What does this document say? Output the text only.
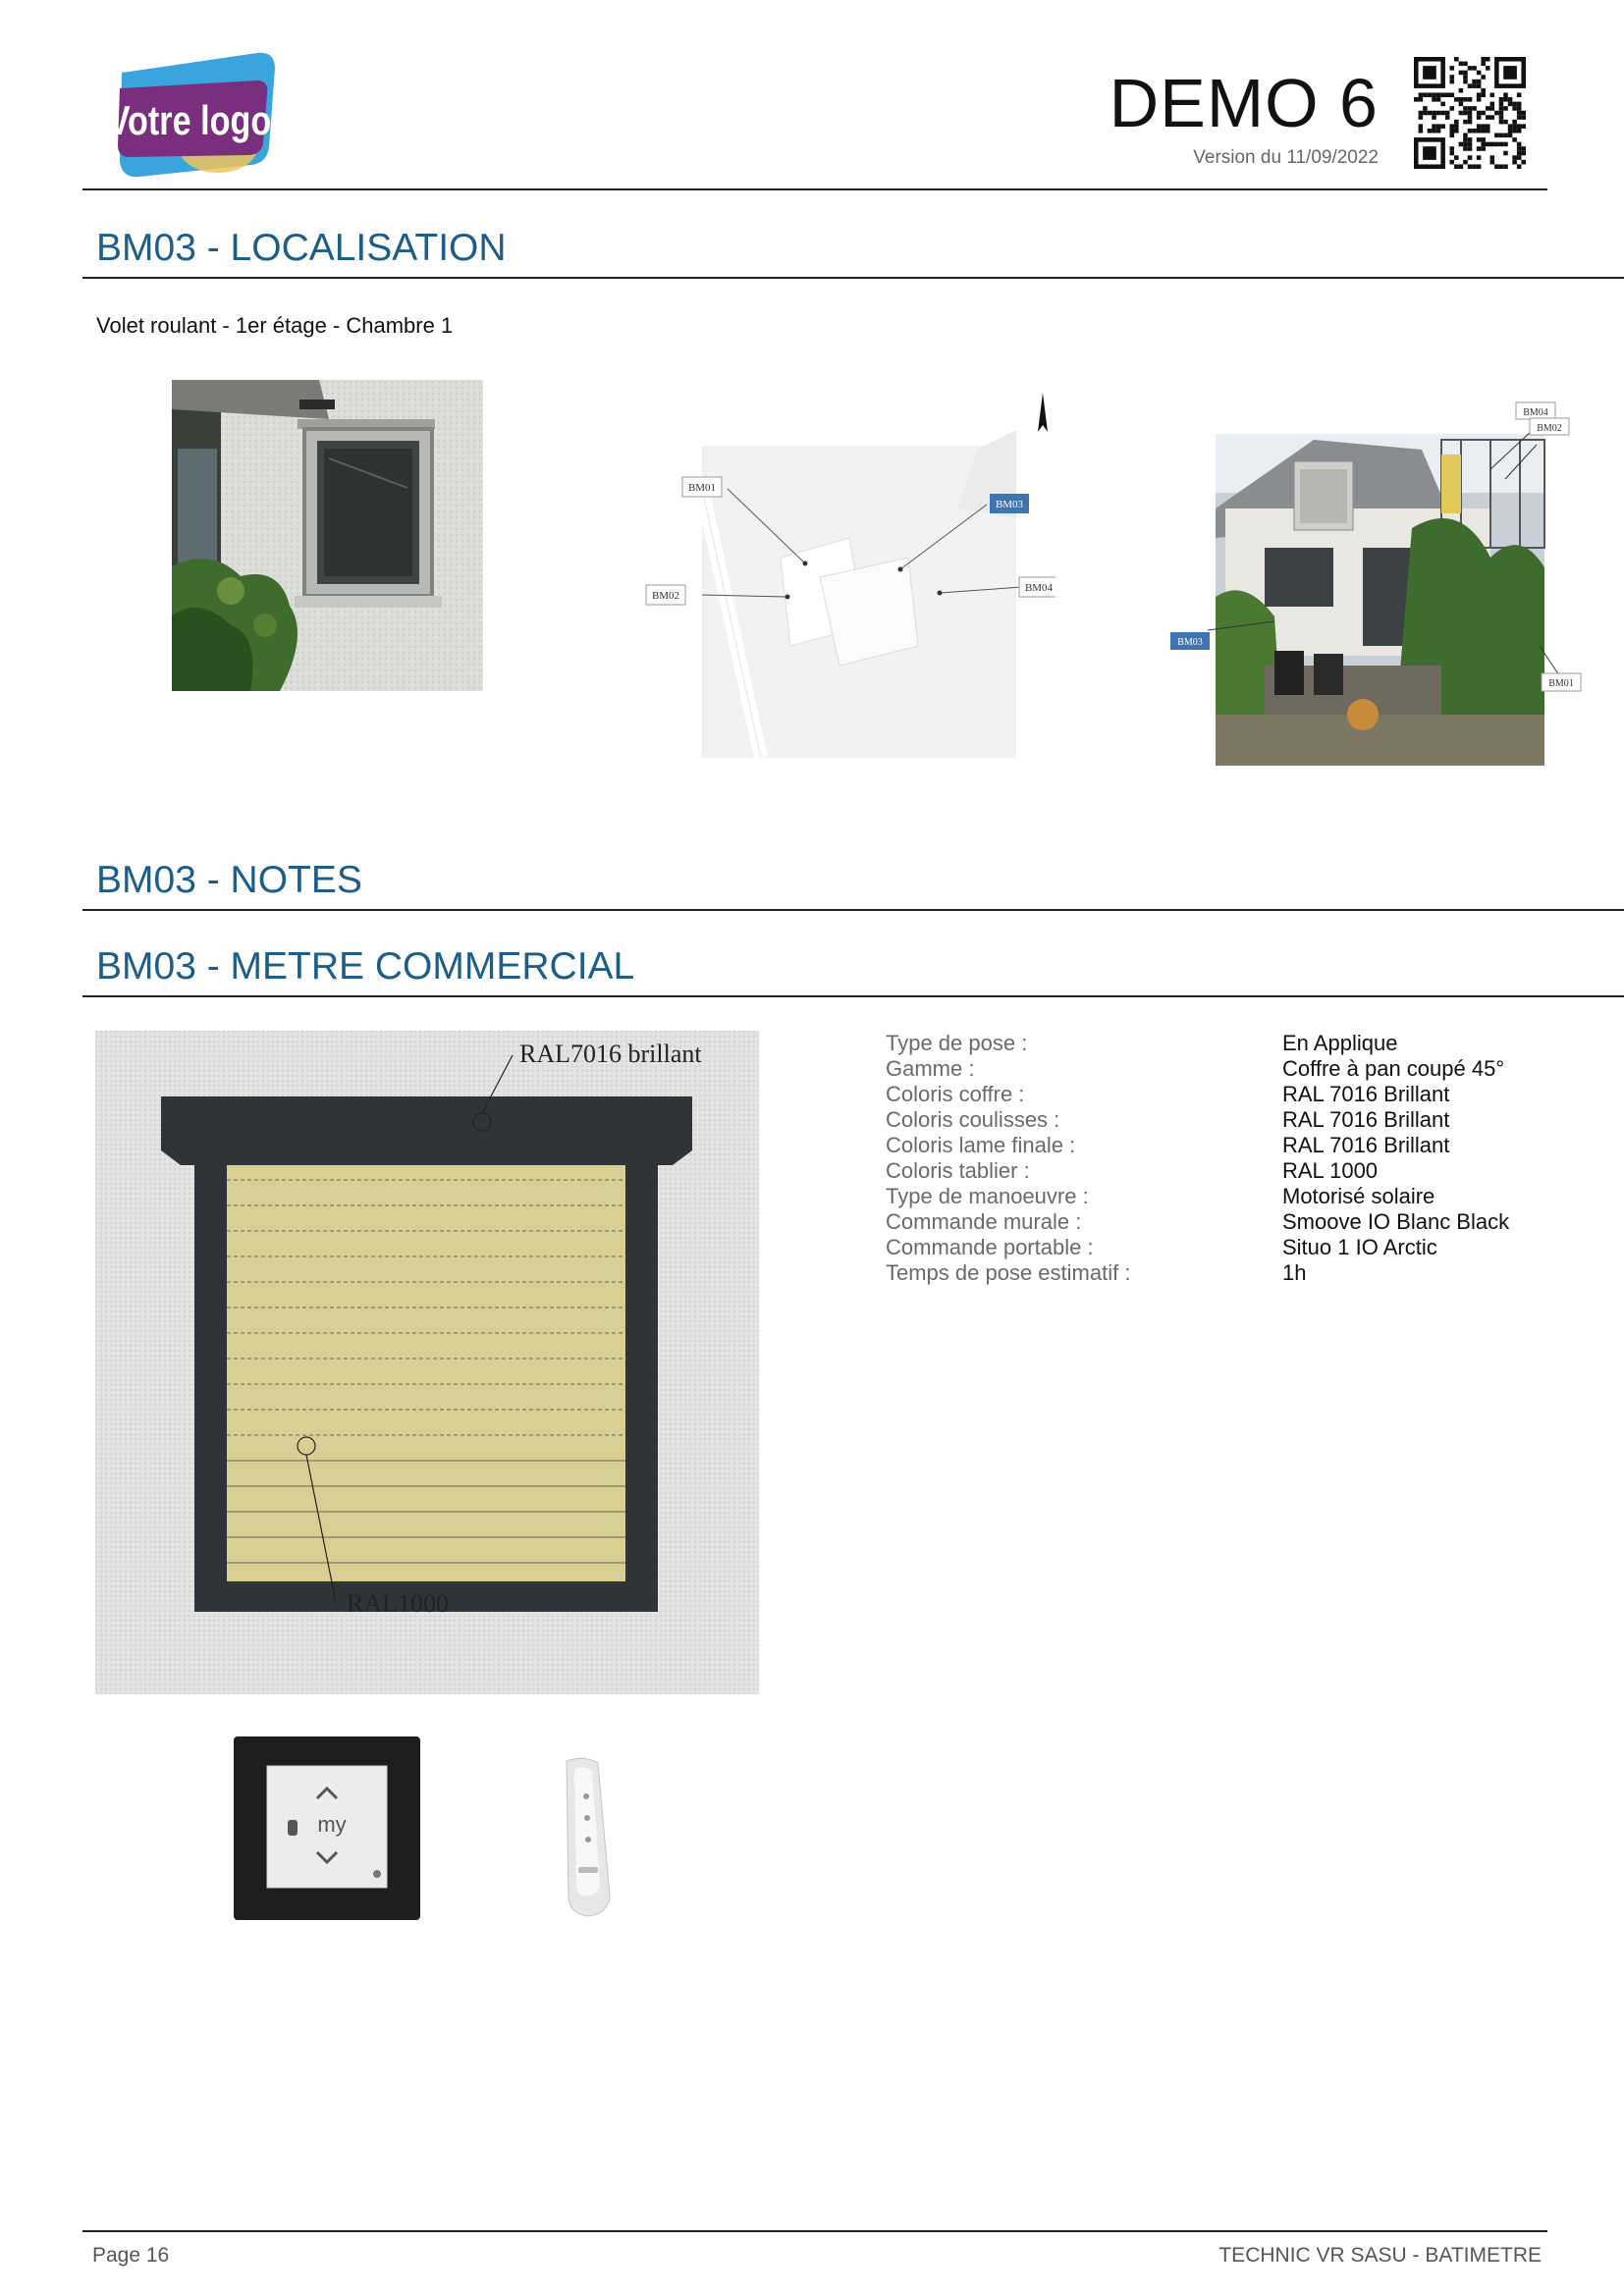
Votre logo	DEMO 6
Version du 11/09/2022
BM03 - LOCALISATION
Volet roulant - 1er étage - Chambre 1
BM01
BM03
BM02
BM04
BM04
BM02
BM03
BM01
BM03 - NOTES
BM03 - METRE COMMERCIAL
RAL7016 brillant
RAL1000
my
Type de pose :	En Applique
Gamme :	Coffre à pan coupé 45°
Coloris coffre :	RAL 7016 Brillant
Coloris coulisses :	RAL 7016 Brillant
Coloris lame finale :	RAL 7016 Brillant
Coloris tablier :	RAL 1000
Type de manoeuvre :	Motorisé solaire
Commande murale :	Smoove IO Blanc Black
Commande portable :	Situo 1 IO Arctic
Temps de pose estimatif :	1h
Page 16	TECHNIC VR SASU - BATIMETRE
